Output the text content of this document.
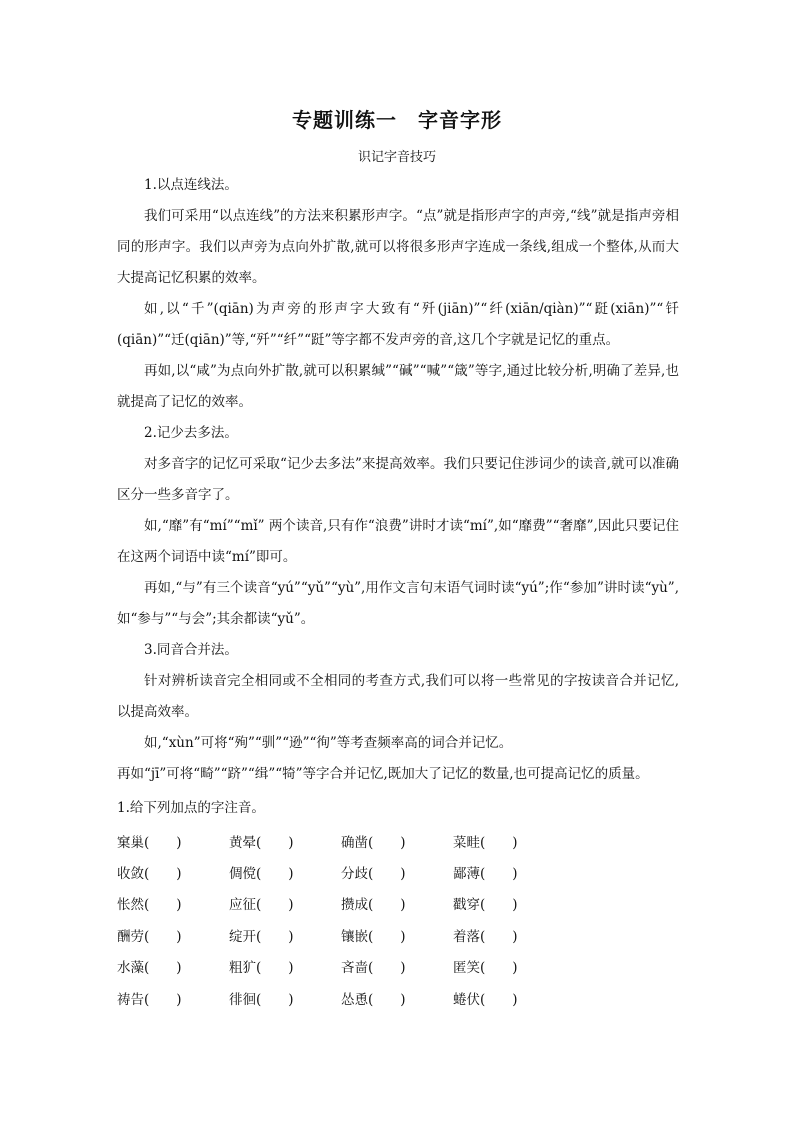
专题训练一　字音字形
识记字音技巧

1.以点连线法。

我们可采用“以点连线”的方法来积累形声字。“点”就是指形声字的声旁,“线”就是指声旁相同的形声字。我们以声旁为点向外扩散,就可以将很多形声字连成一条线,组成一个整体,从而大大提高记忆积累的效率。

如,以“千”(qiān)为声旁的形声字大致有“歼(jiān)”“纤(xiān/qiàn)”“跹(xiān)”“钎(qiān)”“迁(qiān)”等,“歼”“纤”“跹”等字都不发声旁的音,这几个字就是记忆的重点。

再如,以“咸”为点向外扩散,就可以积累缄”“碱”“喊”“箴”等字,通过比较分析,明确了差异,也就提高了记忆的效率。

2.记少去多法。

对多音字的记忆可采取“记少去多法”来提高效率。我们只要记住涉词少的读音,就可以准确区分一些多音字了。

如,“靡”有“mí”“mǐ” 两个读音,只有作“浪费”讲时才读“mí”,如“靡费”“奢靡”,因此只要记住在这两个词语中读“mí”即可。

再如,“与”有三个读音“yú”“yǔ”“yù”,用作文言句末语气词时读“yú”;作“参加”讲时读“yù”,如“参与”“与会”;其余都读“yǔ”。

3.同音合并法。

针对辨析读音完全相同或不全相同的考查方式,我们可以将一些常见的字按读音合并记忆,以提高效率。

如,“xùn”可将“殉”“驯”“逊”“徇”等考查频率高的词合并记忆。

再如“jī”可将“畸”“跻”“缉”“犄”等字合并记忆,既加大了记忆的数量,也可提高记忆的质量。

1.给下列加点的字注音。
窠巢(　　)	黄晕(　　)	确凿(　　)	菜畦(　　)
收敛(　　)	倜傥(　　)	分歧(　　)	鄙薄(　　)
怅然(　　)	应征(　　)	攒成(　　)	戳穿(　　)
酬劳(　　)	绽开(　　)	镶嵌(　　)	着落(　　)
水藻(　　)	粗犷(　　)	吝啬(　　)	匿笑(　　)
祷告(　　)	徘徊(　　)	怂恿(　　)	蜷伏(　　)
